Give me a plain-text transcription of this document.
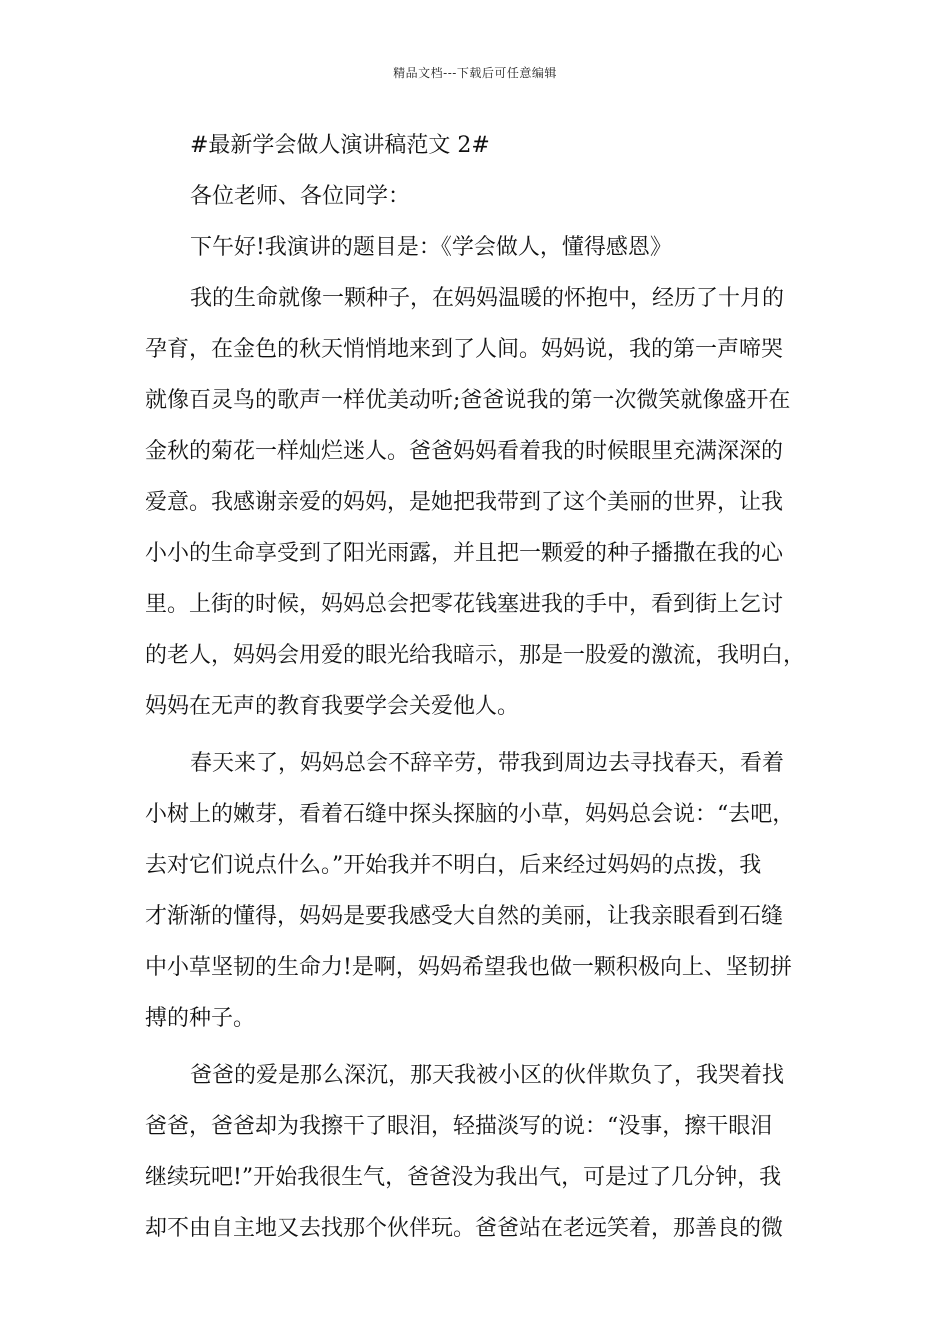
精品文档---下载后可任意编辑
#最新学会做人演讲稿范文 2#
各位老师、各位同学：
下午好!我演讲的题目是：《学会做人，懂得感恩》
我的生命就像一颗种子，在妈妈温暖的怀抱中，经历了十月的
孕育，在金色的秋天悄悄地来到了人间。妈妈说，我的第一声啼哭
就像百灵鸟的歌声一样优美动听;爸爸说我的第一次微笑就像盛开在
金秋的菊花一样灿烂迷人。爸爸妈妈看着我的时候眼里充满深深的
爱意。我感谢亲爱的妈妈，是她把我带到了这个美丽的世界，让我
小小的生命享受到了阳光雨露，并且把一颗爱的种子播撒在我的心
里。上街的时候，妈妈总会把零花钱塞进我的手中，看到街上乞讨
的老人，妈妈会用爱的眼光给我暗示，那是一股爱的激流，我明白，
妈妈在无声的教育我要学会关爱他人。
春天来了，妈妈总会不辞辛劳，带我到周边去寻找春天，看着
小树上的嫩芽，看着石缝中探头探脑的小草，妈妈总会说：“去吧，
去对它们说点什么。”开始我并不明白，后来经过妈妈的点拨，我
才渐渐的懂得，妈妈是要我感受大自然的美丽，让我亲眼看到石缝
中小草坚韧的生命力!是啊，妈妈希望我也做一颗积极向上、坚韧拼
搏的种子。
爸爸的爱是那么深沉，那天我被小区的伙伴欺负了，我哭着找
爸爸，爸爸却为我擦干了眼泪，轻描淡写的说：“没事，擦干眼泪
继续玩吧!”开始我很生气，爸爸没为我出气，可是过了几分钟，我
却不由自主地又去找那个伙伴玩。爸爸站在老远笑着，那善良的微
